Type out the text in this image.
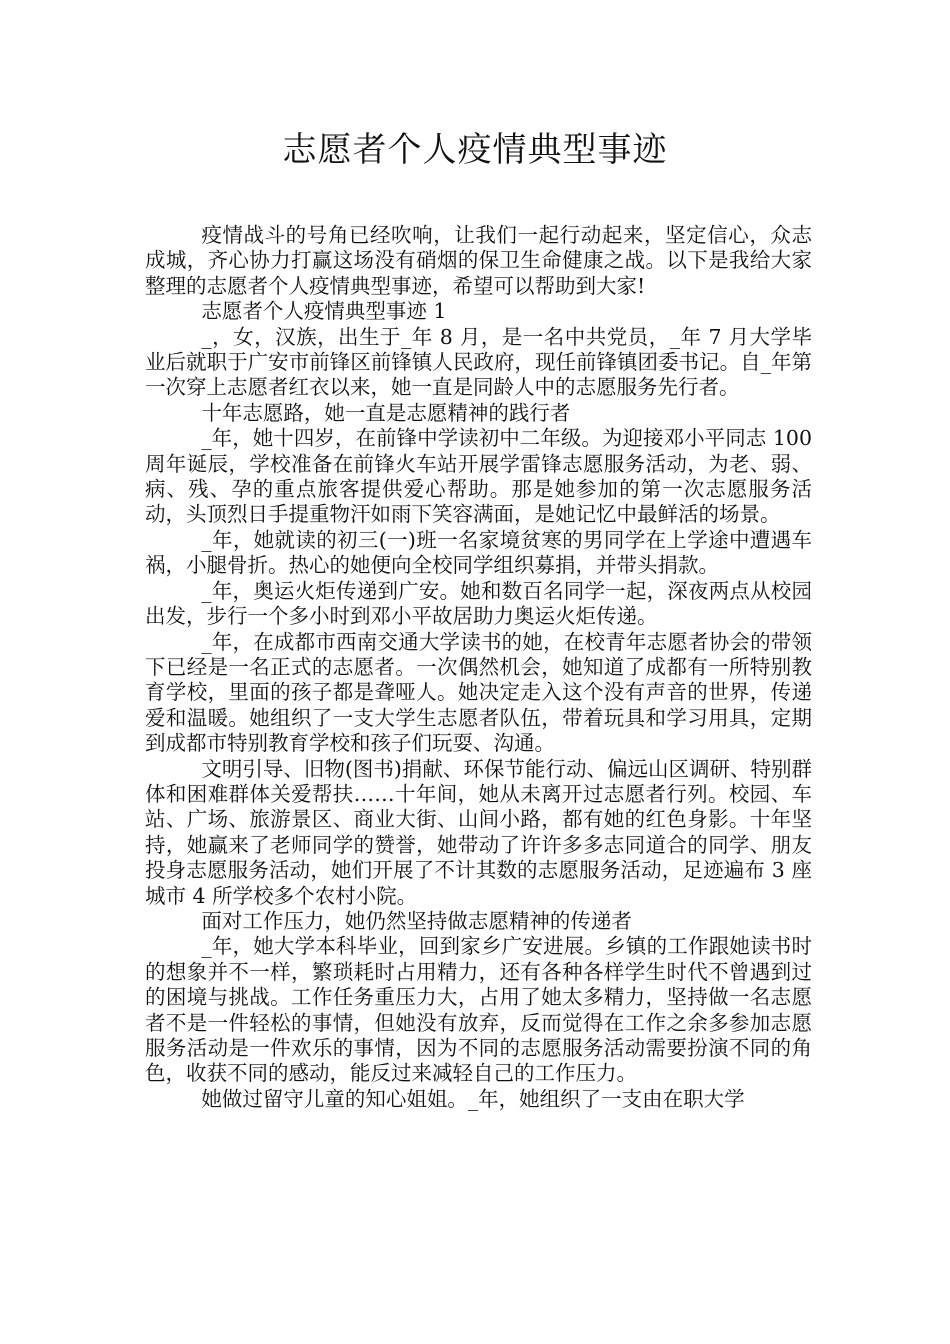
志愿者个人疫情典型事迹

疫情战斗的号角已经吹响，让我们一起行动起来，坚定信心，众志成城，齐心协力打赢这场没有硝烟的保卫生命健康之战。以下是我给大家整理的志愿者个人疫情典型事迹，希望可以帮助到大家!

志愿者个人疫情典型事迹 1

_，女，汉族，出生于_年 8 月，是一名中共党员，_年 7 月大学毕业后就职于广安市前锋区前锋镇人民政府，现任前锋镇团委书记。自_年第一次穿上志愿者红衣以来，她一直是同龄人中的志愿服务先行者。

十年志愿路，她一直是志愿精神的践行者

_年，她十四岁，在前锋中学读初中二年级。为迎接邓小平同志 100 周年诞辰，学校准备在前锋火车站开展学雷锋志愿服务活动，为老、弱、病、残、孕的重点旅客提供爱心帮助。那是她参加的第一次志愿服务活动，头顶烈日手提重物汗如雨下笑容满面，是她记忆中最鲜活的场景。

_年，她就读的初三(一)班一名家境贫寒的男同学在上学途中遭遇车祸，小腿骨折。热心的她便向全校同学组织募捐，并带头捐款。

_年，奥运火炬传递到广安。她和数百名同学一起，深夜两点从校园出发，步行一个多小时到邓小平故居助力奥运火炬传递。

_年，在成都市西南交通大学读书的她，在校青年志愿者协会的带领下已经是一名正式的志愿者。一次偶然机会，她知道了成都有一所特别教育学校，里面的孩子都是聋哑人。她决定走入这个没有声音的世界，传递爱和温暖。她组织了一支大学生志愿者队伍，带着玩具和学习用具，定期到成都市特别教育学校和孩子们玩耍、沟通。

文明引导、旧物(图书)捐献、环保节能行动、偏远山区调研、特别群体和困难群体关爱帮扶……十年间，她从未离开过志愿者行列。校园、车站、广场、旅游景区、商业大街、山间小路，都有她的红色身影。十年坚持，她赢来了老师同学的赞誉，她带动了许许多多志同道合的同学、朋友投身志愿服务活动，她们开展了不计其数的志愿服务活动，足迹遍布 3 座城市 4 所学校多个农村小院。

面对工作压力，她仍然坚持做志愿精神的传递者

_年，她大学本科毕业，回到家乡广安进展。乡镇的工作跟她读书时的想象并不一样，繁琐耗时占用精力，还有各种各样学生时代不曾遇到过的困境与挑战。工作任务重压力大，占用了她太多精力，坚持做一名志愿者不是一件轻松的事情，但她没有放弃，反而觉得在工作之余多参加志愿服务活动是一件欢乐的事情，因为不同的志愿服务活动需要扮演不同的角色，收获不同的感动，能反过来减轻自己的工作压力。

她做过留守儿童的知心姐姐。_年，她组织了一支由在职大学
